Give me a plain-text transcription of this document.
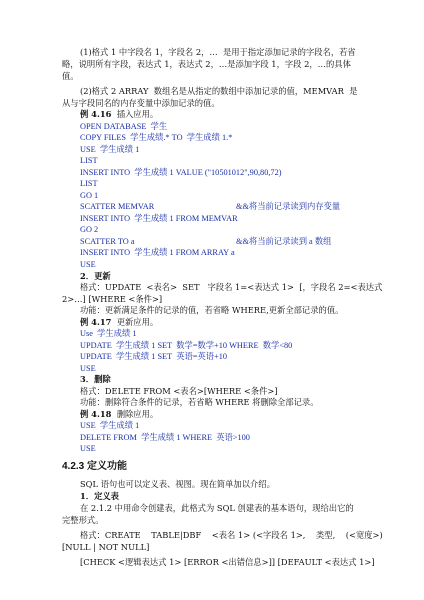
(1)格式 1 中字段名 1，字段名 2，…  是用于指定添加记录的字段名，若省
略，说明所有字段，表达式 1，表达式 2，…是添加字段 1，字段 2，…的具体
值。
(2)格式 2 ARRAY  数组名是从指定的数组中添加记录的值，MEMVAR  是
从与字段同名的内存变量中添加记录的值。
例 4.16 插入应用。
OPEN DATABASE  学生
COPY FILES  学生成绩.* TO  学生成绩 1.*
USE  学生成绩 1
LIST
INSERT INTO  学生成绩 1 VALUE ("10501012",90,80,72)
LIST
GO 1
SCATTER MEMVAR	&&将当前记录读到内存变量
INSERT INTO  学生成绩 1 FROM MEMVAR
GO 2
SCATTER TO a	&&将当前记录读到 a 数组
INSERT INTO  学生成绩 1 FROM ARRAY a
USE
2．更新
格式：UPDATE  <表名>  SET   字段名 1=<表达式 1>  [，字段名 2=<表达式
2>…] [WHERE <条件>]
功能：更新满足条件的记录的值，若省略 WHERE,更新全部记录的值。
例 4.17 更新应用。
Use  学生成绩 1
UPDATE  学生成绩 1 SET  数学=数学+10 WHERE  数学<80
UPDATE  学生成绩 1 SET  英语=英语+10
USE
3．删除
格式：DELETE FROM <表名>[WHERE <条件>]
功能：删除符合条件的记录，若省略 WHERE 将删除全部记录。
例 4.18 删除应用。
USE  学生成绩 1
DELETE FROM  学生成绩 1 WHERE  英语>100
USE
4.2.3 定义功能
SQL 语句也可以定义表、视图。现在简单加以介绍。
1．定义表
在 2.1.2 中用命令创建表，此格式为 SQL 创建表的基本语句，现给出它的
完整形式。
格式：CREATE    TABLE|DBF    <表名 1> (<字段名 1>,    类型,    (<宽度>)
[NULL | NOT NULL]
[CHECK <逻辑表达式 1> [ERROR <出错信息>]] [DEFAULT <表达式 1>]
